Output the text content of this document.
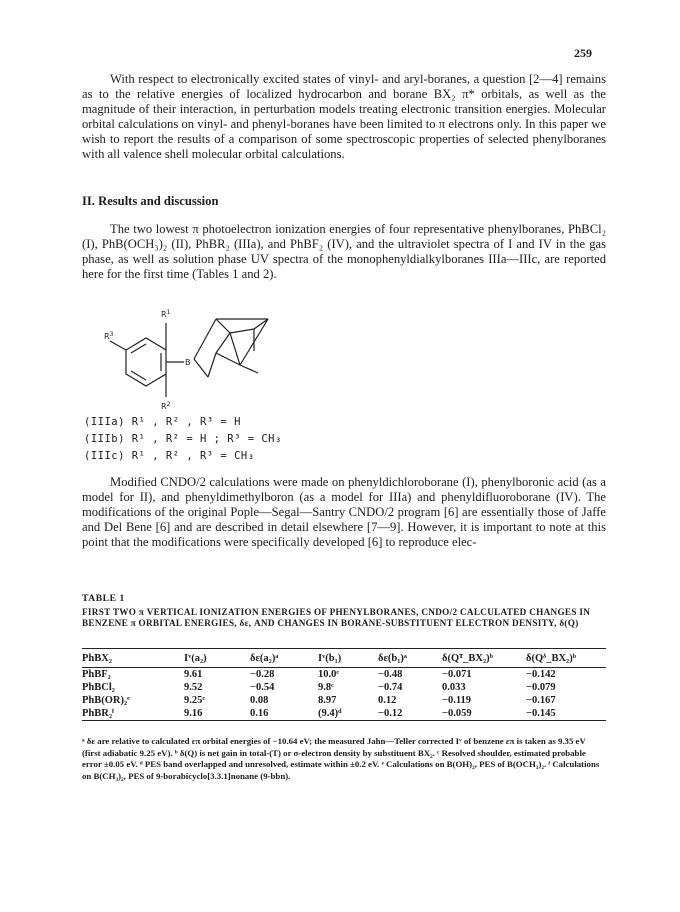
259

With respect to electronically excited states of vinyl- and aryl-boranes, a question [2—4] remains as to the relative energies of localized hydrocarbon and borane BX₂ π* orbitals, as well as the magnitude of their interaction, in perturbation models treating electronic transition energies. Molecular orbital calculations on vinyl- and phenyl-boranes have been limited to π electrons only. In this paper we wish to report the results of a comparison of some spectroscopic properties of selected phenylboranes with all valence shell molecular orbital calculations.

II. Results and discussion

The two lowest π photoelectron ionization energies of four representative phenylboranes, PhBCl₂ (I), PhB(OCH₃)₂ (II), PhBR₂ (IIIa), and PhBF₂ (IV), and the ultraviolet spectra of I and IV in the gas phase, as well as solution phase UV spectra of the monophenyldialkylboranes IIIa—IIIc, are reported here for the first time (Tables 1 and 2).

$R^1$
$R^3$
$R^2$
B
(IIIa) R¹ , R² , R³ = H
(IIIb) R¹ , R² = H ; R³ = CH₃
(IIIc) R¹ , R² , R³ = CH₃

Modified CNDO/2 calculations were made on phenyldichloroborane (I), phenylboronic acid (as a model for II), and phenyldimethylboron (as a model for IIIa) and phenyldifluoroborane (IV). The modifications of the original Pople—Segal—Santry CNDO/2 program [6] are essentially those of Jaffe and Del Bene [6] and are described in detail elsewhere [7—9]. However, it is important to note at this point that the modifications were specifically developed [6] to reproduce elec-

TABLE 1

FIRST TWO π VERTICAL IONIZATION ENERGIES OF PHENYLBORANES, CNDO/2 CALCULATED CHANGES IN BENZENE π ORBITAL ENERGIES, δε, AND CHANGES IN BORANE-SUBSTITUENT ELECTRON DENSITY, δ(Q)

PhBX₂	Iᵛ(a₂)	δε(a₂)ᵃ	Iᵛ(b₁)	δε(b₁)ᵃ	δ(Qᵀ_BX₂)ᵇ	δ(Qᵟ_BX₂)ᵇ
PhBF₂	9.61	−0.28	10.0ᶜ	−0.48	−0.071	−0.142
PhBCl₂	9.52	−0.54	9.8ᶜ	−0.74	0.033	−0.079
PhB(OR)₂ᵉ	9.25ᶜ	0.08	8.97	0.12	−0.119	−0.167
PhBR₂ᶠ	9.16	0.16	(9.4)ᵈ	−0.12	−0.059	−0.145

ᵃ δε are relative to calculated επ orbital energies of −10.64 eV; the measured Jahn—Teller corrected Iᵛ of benzene επ is taken as 9.35 eV (first adiabatic 9.25 eV). ᵇ δ(Q) is net gain in total-(T) or σ-electron density by substituent BX₂. ᶜ Resolved shoulder, estimated probable error ±0.05 eV. ᵈ PES band overlapped and unresolved, estimate within ±0.2 eV. ᵉ Calculations on B(OH)₂, PES of B(OCH₃)₂. ᶠ Calculations on B(CH₃)₂, PES of 9-borabicyclo[3.3.1]nonane (9-bbn).
